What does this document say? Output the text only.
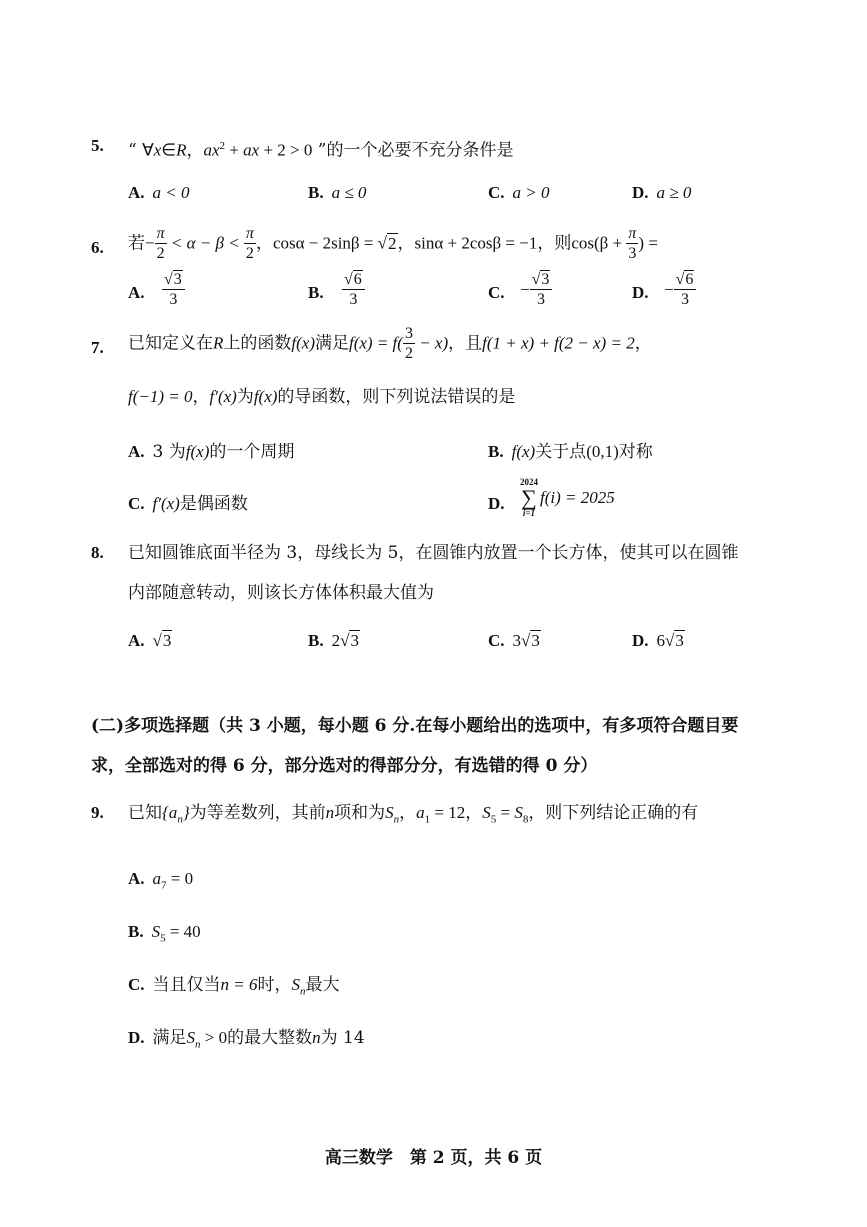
5. “ ∀x∈R，$ax^2$ + ax + 2 > 0 ”的一个必要不充分条件是
A. a < 0	B. a ≤ 0	C. a > 0	D. a ≥ 0
6. 若− $\frac{\pi}{2} < \alpha - \beta < \frac{\pi}{2}$ ，cosα − 2sinβ = √2，sinα + 2cosβ = −1，则$\cos(\beta + \frac{\pi}{3}$ ) =
A.	$\frac{√3}{3}$	B.	$\frac{√6}{3}$	C. − $\frac{√3}{3}$	D. − $\frac{√6}{3}$
7. 已知定义在R上的函数f(x)满足$f(x) = f( \frac{3}{2} - x)$，且f(1 + x) + f(2 − x) = 2，
f(−1) = 0，f′(x)为f(x)的导函数，则下列说法错误的是
A. 3 为f(x)的一个周期	B. f(x)关于点(0,1)对称
C. f′(x)是偶函数	D.
2024
∑
i=1
f(i) = 2025
8. 已知圆锥底面半径为 3，母线长为 5，在圆锥内放置一个长方体，使其可以在圆锥
内部随意转动，则该长方体体积最大值为
A. √3	B. 2√3	C. 3√3	D. 6√3
(二)多项选择题（共 3 小题，每小题 6 分.在每小题给出的选项中，有多项符合题目要
求，全部选对的得 6 分，部分选对的得部分分，有选错的得 0 分）
9. 已知$\{a_n\}$为等差数列，其前n项和为$S_n$，$a_1 = 12$，$S_5 = S_8$，则下列结论正确的有
A. $a_7 = 0$
B. $S_5 = 40$
C. 当且仅当n = 6时，$S_n$最大
D. 满足$S_n > 0$的最大整数n为 14
高三数学　第 2 页，共 6 页
